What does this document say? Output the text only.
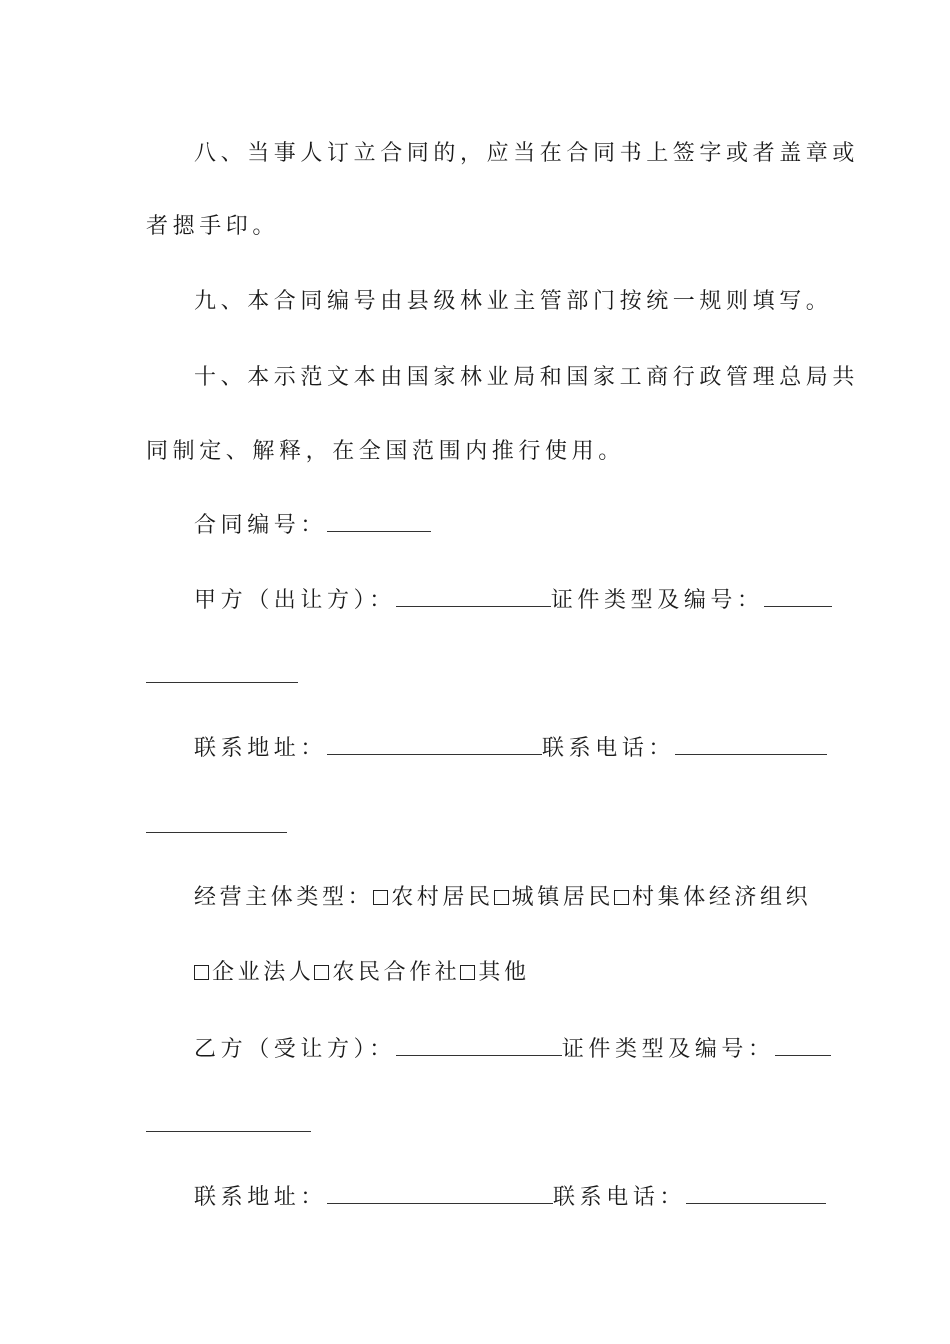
八、当事人订立合同的，应当在合同书上签字或者盖章或
者摁手印。
九、本合同编号由县级林业主管部门按统一规则填写。
十、本示范文本由国家林业局和国家工商行政管理总局共
同制定、解释，在全国范围内推行使用。
合同编号：
甲方（出让方）：	证件类型及编号：
联系地址：	联系电话：
经营主体类型： 农村居民 城镇居民 村集体经济组织
企业法人 农民合作社 其他
乙方（受让方）：	证件类型及编号：
联系地址：	联系电话：
